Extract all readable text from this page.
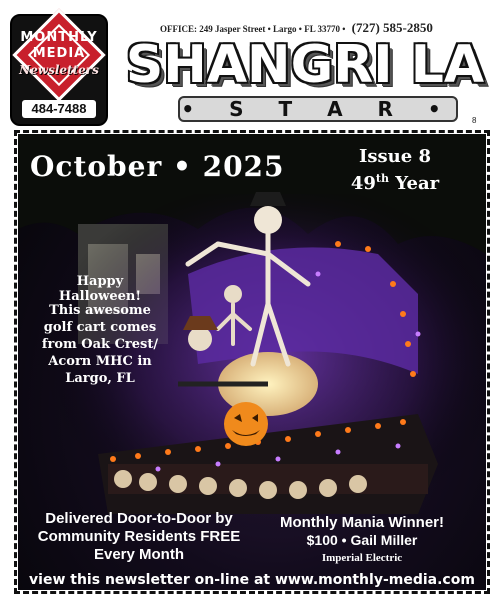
MONTHLY
MEDIA
Newsletters
484-7488
OFFICE: 249 Jasper Street • Largo • FL 33770 • (727) 585-2850
SHANGRI LA
• S T A R •	8
October • 2025	Issue 8
49th Year
Happy Halloween!
This awesome golf cart comes from Oak Crest/ Acorn MHC in Largo, FL
Delivered Door-to-Door by Community Residents FREE Every Month
Monthly Mania Winner!
$100 • Gail Miller
Imperial Electric
view this newsletter on-line at www.monthly-media.com
